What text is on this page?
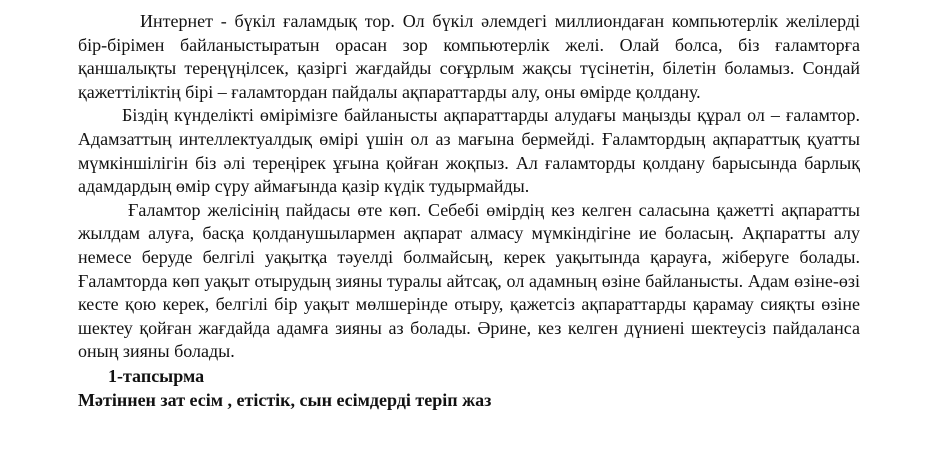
Интернет - бүкіл ғаламдық тор. Ол бүкіл әлемдегі миллиондаған компьютерлік желілерді бір-бірімен байланыстыратын орасан зор компьютерлік желі. Олай болса, біз ғаламторға қаншалықты тереңүңілсек, қазіргі жағдайды соғұрлым жақсы түсінетін, білетін боламыз. Сондай қажеттіліктің бірі – ғаламтордан пайдалы ақпараттарды алу, оны өмірде қолдану.

Біздің күнделікті өмірімізге байланысты ақпараттарды алудағы маңызды құрал ол – ғаламтор. Адамзаттың интеллектуалдық өмірі үшін ол аз мағына бермейді. Ғаламтордың ақпараттық қуатты мүмкіншілігін біз әлі тереңірек ұғына қойған жоқпыз. Ал ғаламторды қолдану барысында барлық адамдардың өмір сүру аймағында қазір күдік тудырмайды.

Ғаламтор желісінің пайдасы өте көп. Себебі өмірдің кез келген саласына қажетті ақпаратты жылдам алуға, басқа қолданушылармен ақпарат алмасу мүмкіндігіне ие боласың. Ақпаратты алу немесе беруде белгілі уақытқа тәуелді болмайсың, керек уақытында қарауға, жіберуге болады. Ғаламторда көп уақыт отырудың зияны туралы айтсақ, ол адамның өзіне байланысты. Адам өзіне-өзі кесте қою керек, белгілі бір уақыт мөлшерінде отыру, қажетсіз ақпараттарды қарамау сияқты өзіне шектеу қойған жағдайда адамға зияны аз болады. Әрине, кез келген дүниені шектеусіз пайдаланса оның зияны болады.

1-тапсырма

Мәтіннен зат есім , етістік, сын есімдерді теріп жаз
